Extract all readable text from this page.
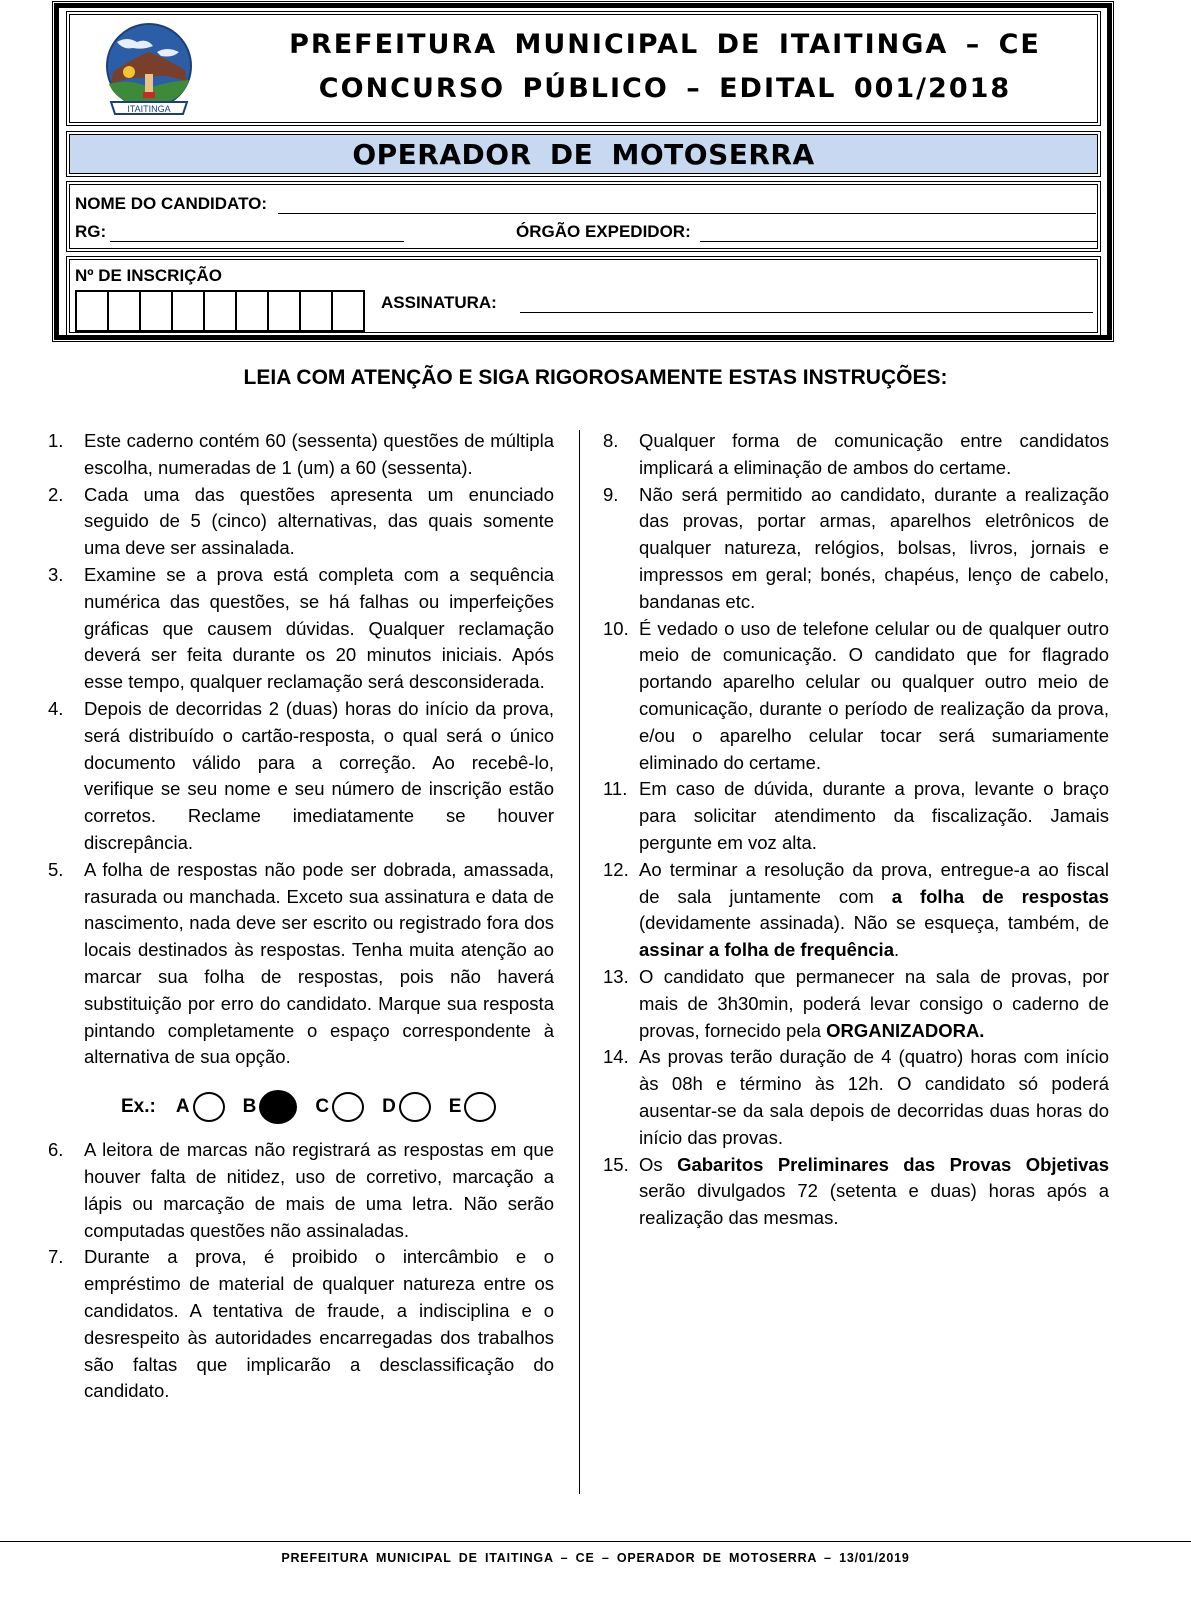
ITAITINGA
PREFEITURA MUNICIPAL DE ITAITINGA – CE
CONCURSO PÚBLICO – EDITAL 001/2018
OPERADOR DE MOTOSERRA
NOME DO CANDIDATO:
RG:	ÓRGÃO EXPEDIDOR:
Nº DE INSCRIÇÃO
ASSINATURA:
LEIA COM ATENÇÃO E SIGA RIGOROSAMENTE ESTAS INSTRUÇÕES:
1.	Este caderno contém 60 (sessenta) questões de múltipla escolha, numeradas de 1 (um) a 60 (sessenta).
2.	Cada uma das questões apresenta um enunciado seguido de 5 (cinco) alternativas, das quais somente uma deve ser assinalada.
3.	Examine se a prova está completa com a sequência numérica das questões, se há falhas ou imperfeições gráficas que causem dúvidas. Qualquer reclamação deverá ser feita durante os 20 minutos iniciais. Após esse tempo, qualquer reclamação será desconsiderada.
4.	Depois de decorridas 2 (duas) horas do início da prova, será distribuído o cartão-resposta, o qual será o único documento válido para a correção. Ao recebê-lo, verifique se seu nome e seu número de inscrição estão corretos. Reclame imediatamente se houver discrepância.
5.	A folha de respostas não pode ser dobrada, amassada, rasurada ou manchada. Exceto sua assinatura e data de nascimento, nada deve ser escrito ou registrado fora dos locais destinados às respostas. Tenha muita atenção ao marcar sua folha de respostas, pois não haverá substituição por erro do candidato. Marque sua resposta pintando completamente o espaço correspondente à alternativa de sua opção.
Ex.: A	B	C	D	E
6.	A leitora de marcas não registrará as respostas em que houver falta de nitidez, uso de corretivo, marcação a lápis ou marcação de mais de uma letra. Não serão computadas questões não assinaladas.
7.	Durante a prova, é proibido o intercâmbio e o empréstimo de material de qualquer natureza entre os candidatos. A tentativa de fraude, a indisciplina e o desrespeito às autoridades encarregadas dos trabalhos são faltas que implicarão a desclassificação do candidato.
8.	Qualquer forma de comunicação entre candidatos implicará a eliminação de ambos do certame.
9.	Não será permitido ao candidato, durante a realização das provas, portar armas, aparelhos eletrônicos de qualquer natureza, relógios, bolsas, livros, jornais e impressos em geral; bonés, chapéus, lenço de cabelo, bandanas etc.
10. É vedado o uso de telefone celular ou de qualquer outro meio de comunicação. O candidato que for flagrado portando aparelho celular ou qualquer outro meio de comunicação, durante o período de realização da prova, e/ou o aparelho celular tocar será sumariamente eliminado do certame.
11. Em caso de dúvida, durante a prova, levante o braço para solicitar atendimento da fiscalização. Jamais pergunte em voz alta.
12. Ao terminar a resolução da prova, entregue-a ao fiscal de sala juntamente com a folha de respostas (devidamente assinada). Não se esqueça, também, de assinar a folha de frequência.
13. O candidato que permanecer na sala de provas, por mais de 3h30min, poderá levar consigo o caderno de provas, fornecido pela ORGANIZADORA.
14. As provas terão duração de 4 (quatro) horas com início às 08h e término às 12h. O candidato só poderá ausentar-se da sala depois de decorridas duas horas do início das provas.
15. Os Gabaritos Preliminares das Provas Objetivas serão divulgados 72 (setenta e duas) horas após a realização das mesmas.
PREFEITURA MUNICIPAL DE ITAITINGA – CE – OPERADOR DE MOTOSERRA – 13/01/2019
